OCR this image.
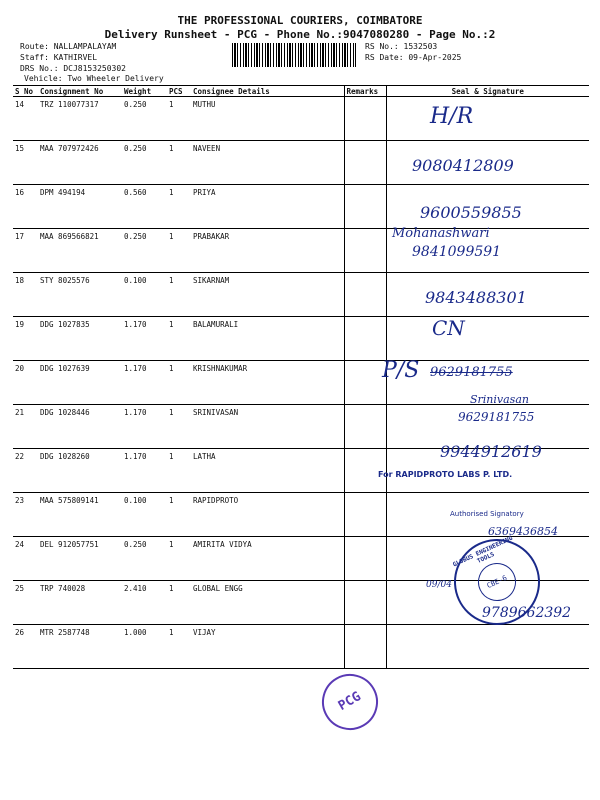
THE PROFESSIONAL COURIERS, COIMBATORE
Delivery Runsheet - PCG - Phone No.:9047080280 - Page No.:2
Route: NALLAMPALAYAM
Staff: KATHIRVEL
DRS No.: DCJ8153250302
Vehicle: Two Wheeler Delivery
RS No.: 1532503
RS Date: 09-Apr-2025
S No	Consignment No	Weight	PCS	Consignee Details	Remarks	Seal & Signature
14	TRZ 110077317	0.250	1	MUTHU		
15	MAA 707972426	0.250	1	NAVEEN		
16	DPM 494194	0.560	1	PRIYA		
17	MAA 869566821	0.250	1	PRABAKAR		
18	STY 8025576	0.100	1	SIKARNAM		
19	DDG 1027835	1.170	1	BALAMURALI		
20	DDG 1027639	1.170	1	KRISHNAKUMAR		
21	DDG 1028446	1.170	1	SRINIVASAN		
22	DDG 1028260	1.170	1	LATHA		
23	MAA 575809141	0.100	1	RAPIDPROTO		
24	DEL 912057751	0.250	1	AMIRITA VIDYA		
25	TRP 740028	2.410	1	GLOBAL ENGG		
26	MTR 2587748	1.000	1	VIJAY		
H/R
9080412809
9600559855
Mohanashwari
9841099591
9843488301
CN
P/S 9629181755
Srinivasan
9629181755
9944912619
For RAPIDPROTO LABS P. LTD.
Authorised Signatory
6369436854
09/04
9789662392
GLOBUS ENGINEERING TOOLS
CBE-6
PCG
